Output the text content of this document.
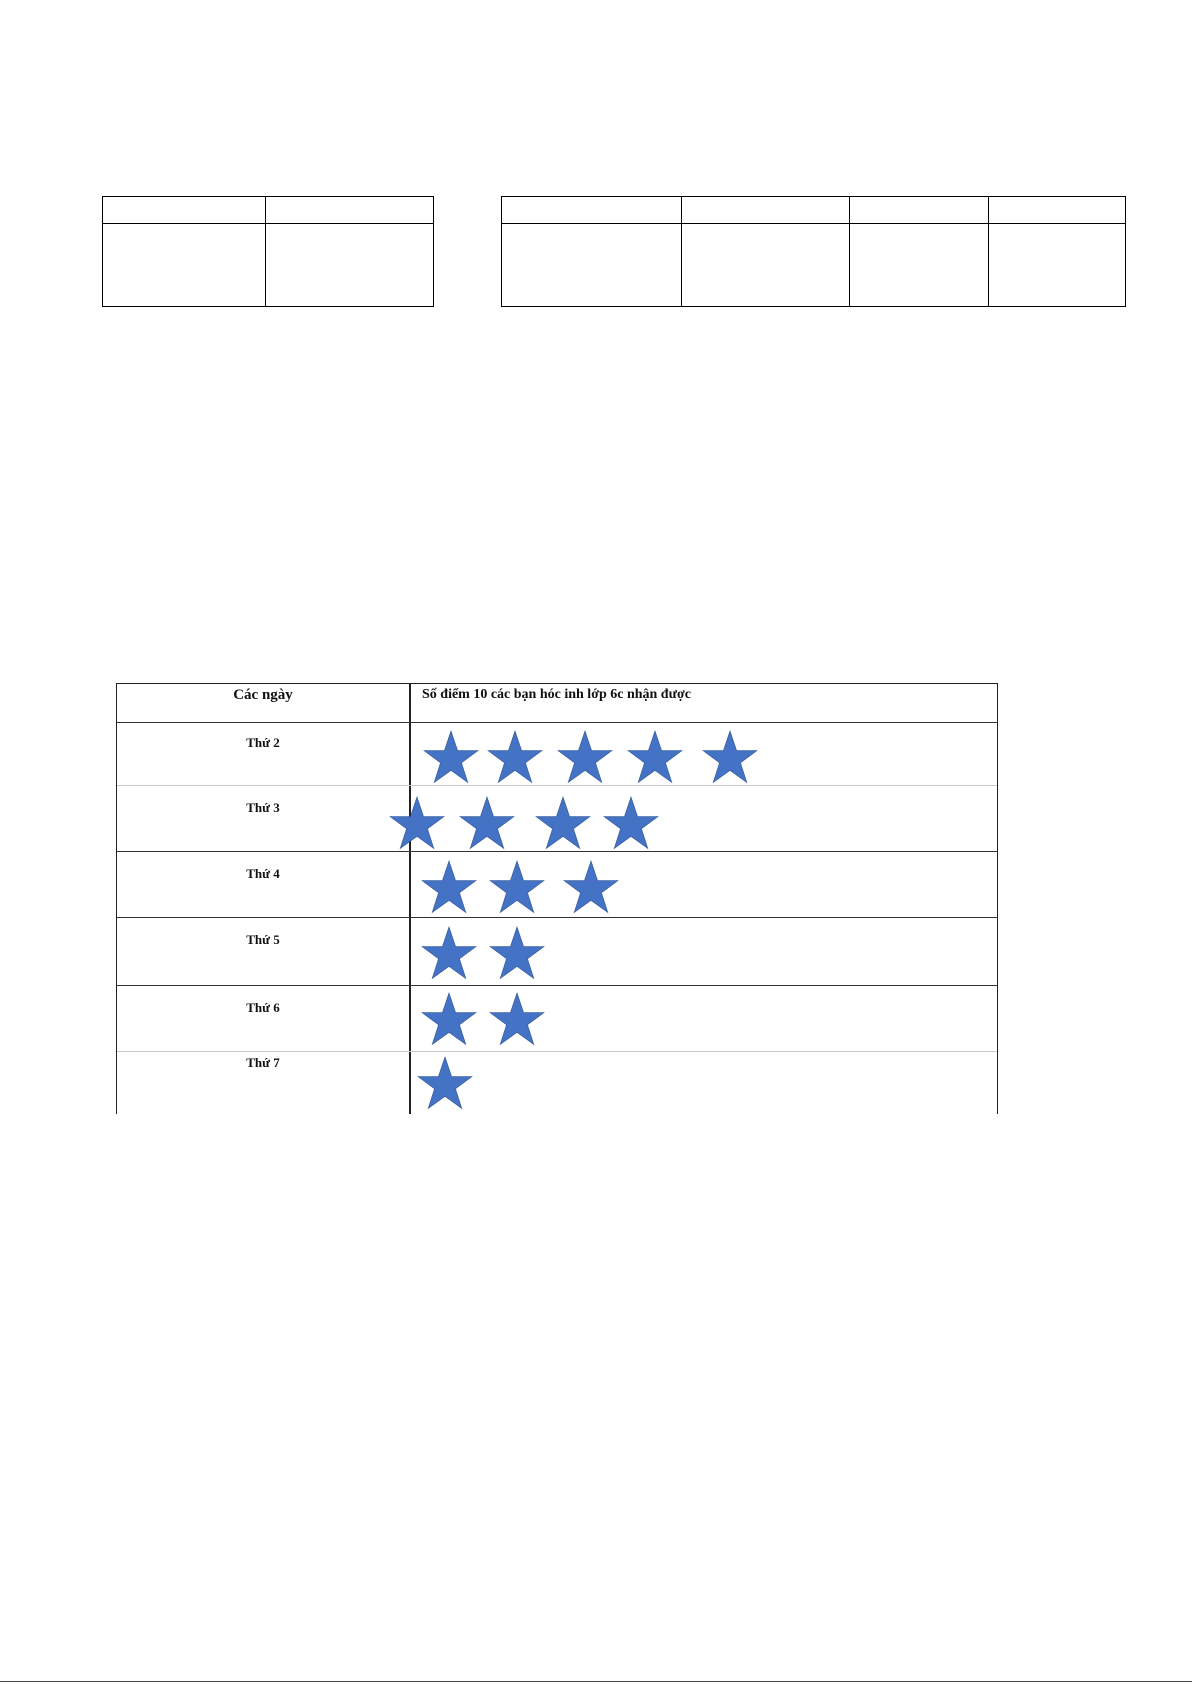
Các ngày	Số điểm 10 các bạn hóc inh lớp 6c nhận được
Thứ 2
Thứ 3
Thứ 4
Thứ 5
Thứ 6
Thứ 7
